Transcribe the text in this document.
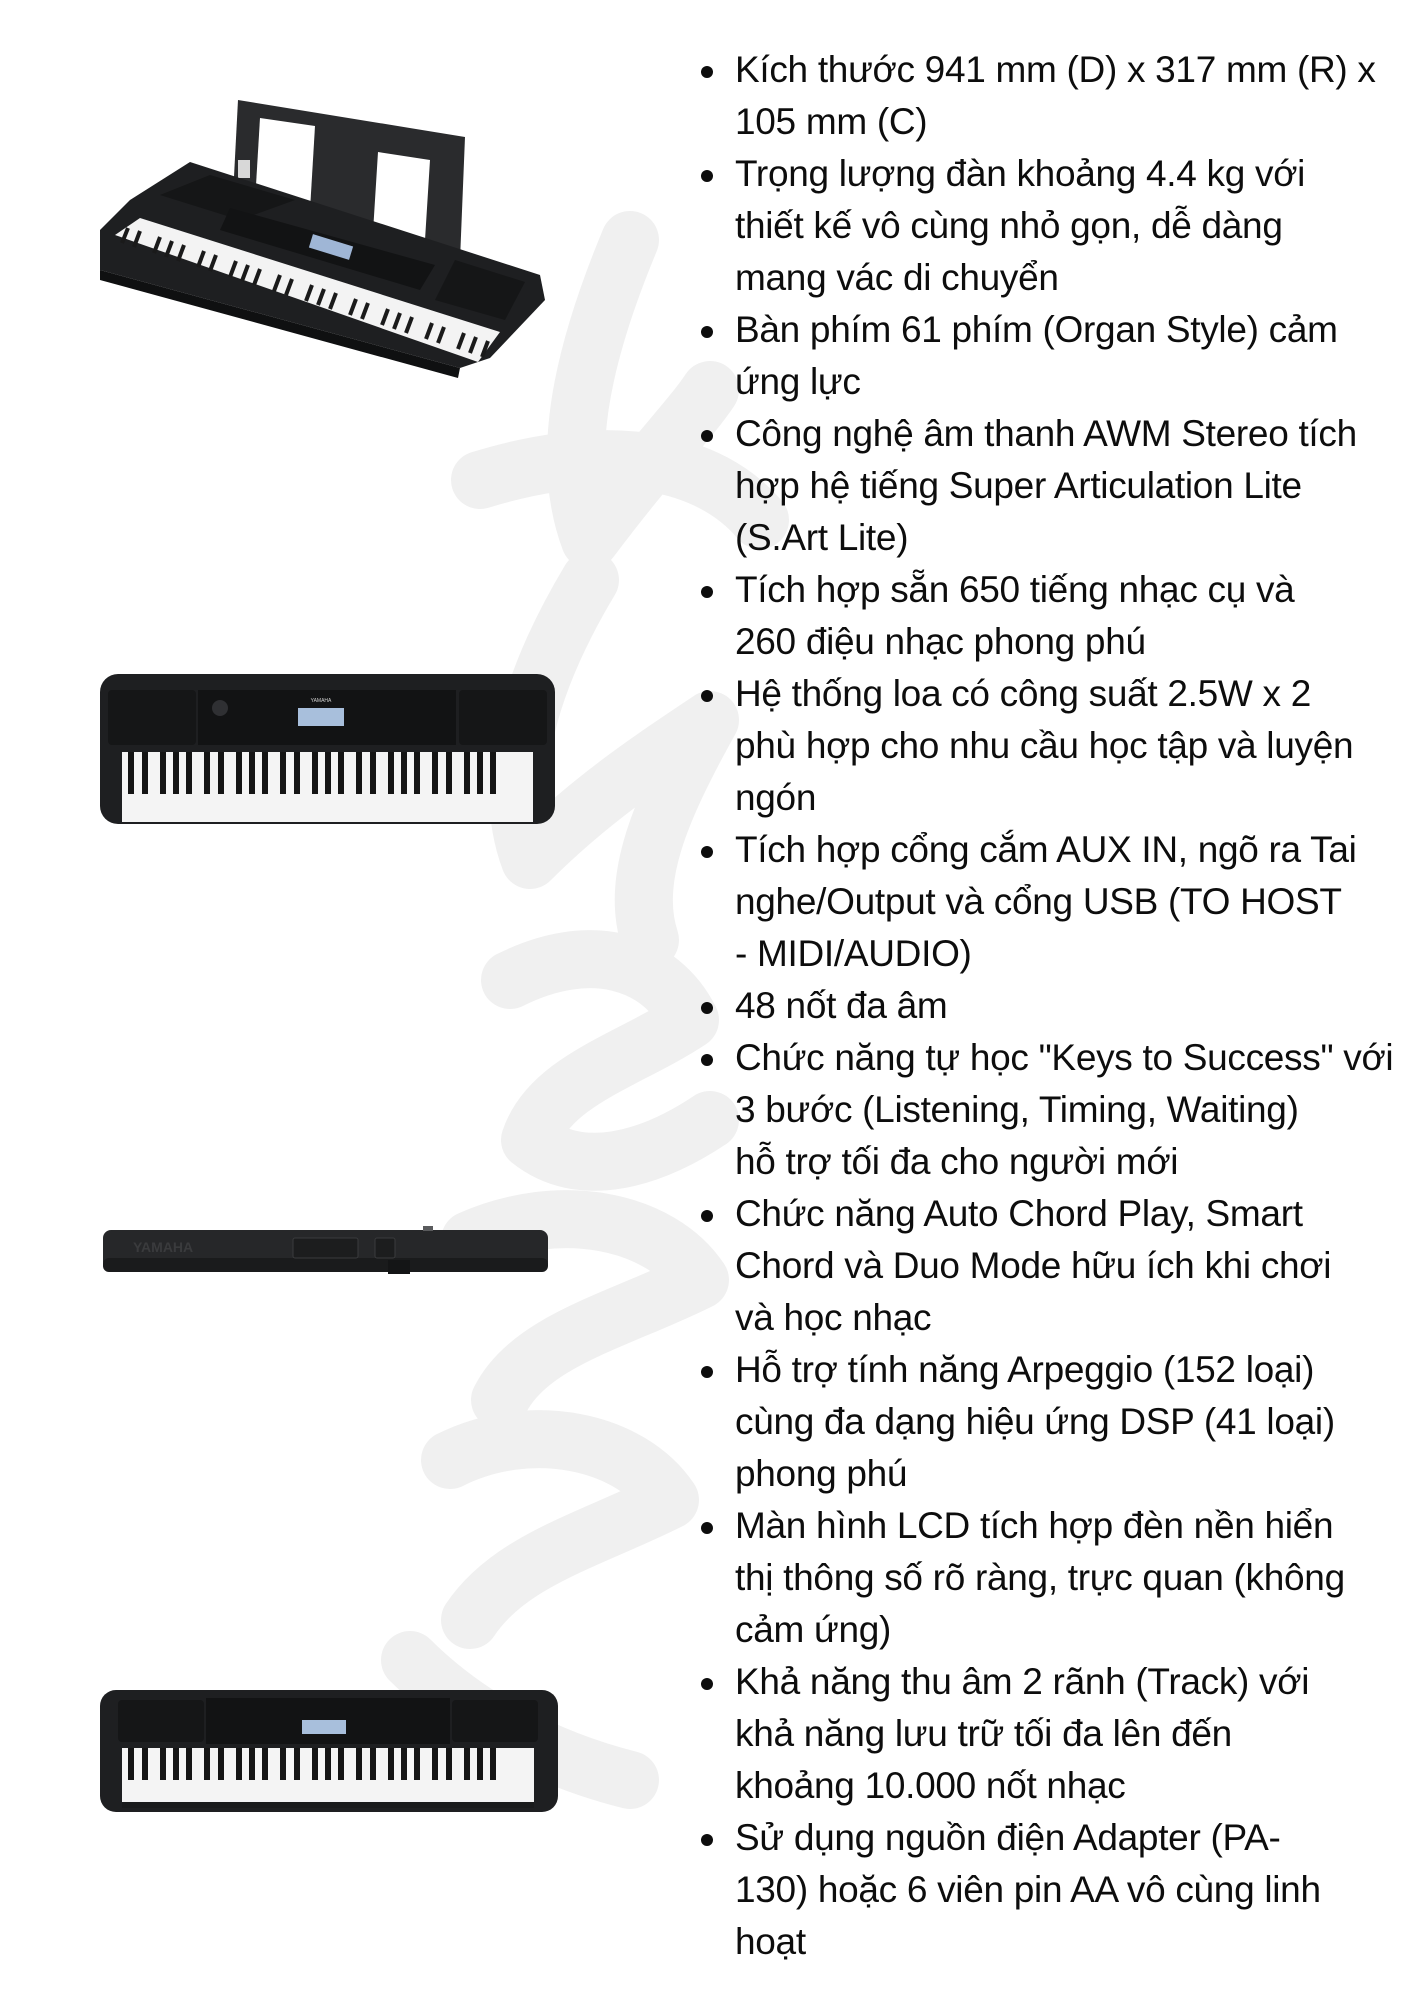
YAMAHA
YAMAHA
Kích thước 941 mm (D) x 317 mm (R) x
105 mm (C)
Trọng lượng đàn khoảng 4.4 kg với
thiết kế vô cùng nhỏ gọn, dễ dàng
mang vác di chuyển
Bàn phím 61 phím (Organ Style) cảm
ứng lực
Công nghệ âm thanh AWM Stereo tích
hợp hệ tiếng Super Articulation Lite
(S.Art Lite)
Tích hợp sẵn 650 tiếng nhạc cụ và
260 điệu nhạc phong phú
Hệ thống loa có công suất 2.5W x 2
phù hợp cho nhu cầu học tập và luyện
ngón
Tích hợp cổng cắm AUX IN, ngõ ra Tai
nghe/Output và cổng USB (TO HOST
- MIDI/AUDIO)
48 nốt đa âm
Chức năng tự học "Keys to Success" với
3 bước (Listening, Timing, Waiting)
hỗ trợ tối đa cho người mới
Chức năng Auto Chord Play, Smart
Chord và Duo Mode hữu ích khi chơi
và học nhạc
Hỗ trợ tính năng Arpeggio (152 loại)
cùng đa dạng hiệu ứng DSP (41 loại)
phong phú
Màn hình LCD tích hợp đèn nền hiển
thị thông số rõ ràng, trực quan (không
cảm ứng)
Khả năng thu âm 2 rãnh (Track) với
khả năng lưu trữ tối đa lên đến
khoảng 10.000 nốt nhạc
Sử dụng nguồn điện Adapter (PA-
130) hoặc 6 viên pin AA vô cùng linh
hoạt
